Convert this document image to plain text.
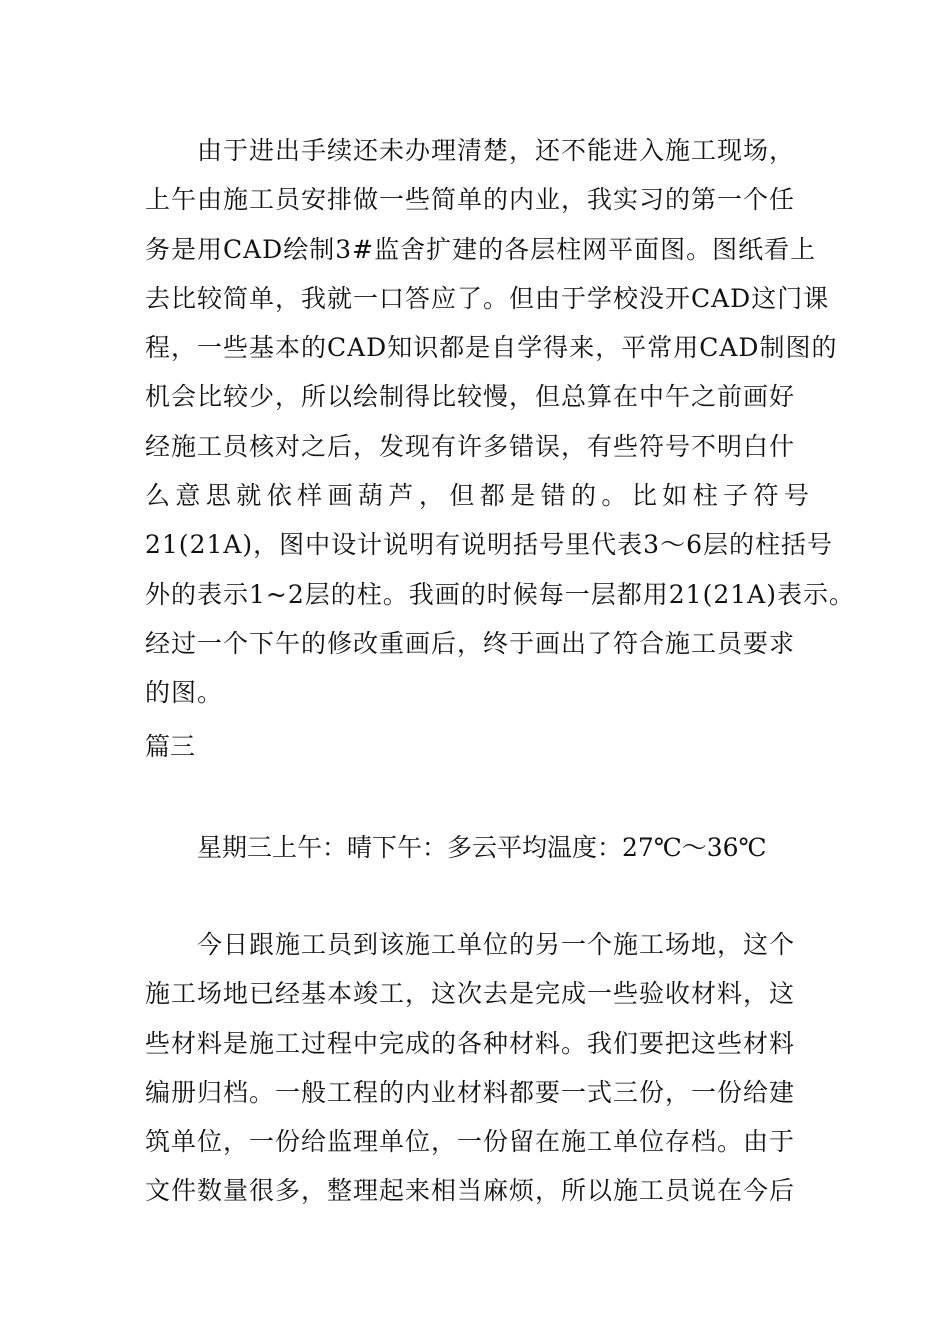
由于进出手续还未办理清楚，还不能进入施工现场，
上午由施工员安排做一些简单的内业，我实习的第一个任
务是用CAD绘制3#监舍扩建的各层柱网平面图。图纸看上
去比较简单，我就一口答应了。但由于学校没开CAD这门课
程，一些基本的CAD知识都是自学得来，平常用CAD制图的
机会比较少，所以绘制得比较慢，但总算在中午之前画好
经施工员核对之后，发现有许多错误，有些符号不明白什
么意思就依样画葫芦，但都是错的。比如柱子符号
21(21A)，图中设计说明有说明括号里代表3～6层的柱括号
外的表示1~2层的柱。我画的时候每一层都用21(21A)表示。
经过一个下午的修改重画后，终于画出了符合施工员要求
的图。
篇三
星期三上午：晴下午：多云平均温度：27℃～36℃
今日跟施工员到该施工单位的另一个施工场地，这个
施工场地已经基本竣工，这次去是完成一些验收材料，这
些材料是施工过程中完成的各种材料。我们要把这些材料
编册归档。一般工程的内业材料都要一式三份，一份给建
筑单位，一份给监理单位，一份留在施工单位存档。由于
文件数量很多，整理起来相当麻烦，所以施工员说在今后
